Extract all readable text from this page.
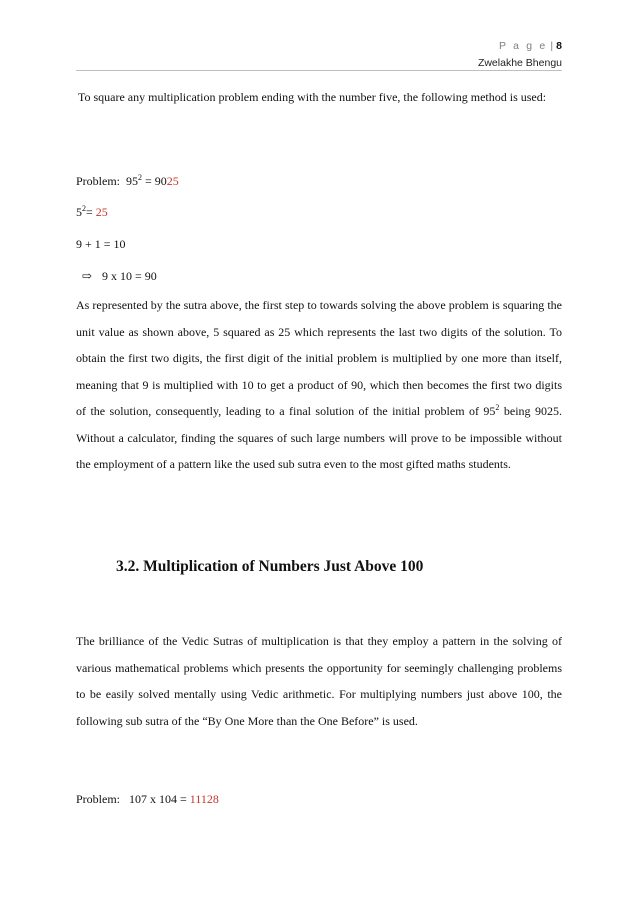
P a g e | 8
Zwelakhe Bhengu

To square any multiplication problem ending with the number five, the following method is used:

Problem: $95^2 = 9025$

$5^2= 25$

9 + 1 = 10

⇨ 9 x 10 = 90

As represented by the sutra above, the first step to towards solving the above problem is squaring the unit value as shown above, 5 squared as 25 which represents the last two digits of the solution. To obtain the first two digits, the first digit of the initial problem is multiplied by one more than itself, meaning that 9 is multiplied with 10 to get a product of 90, which then becomes the first two digits of the solution, consequently, leading to a final solution of the initial problem of $95^2$ being 9025. Without a calculator, finding the squares of such large numbers will prove to be impossible without the employment of a pattern like the used sub sutra even to the most gifted maths students.

3.2. Multiplication of Numbers Just Above 100

The brilliance of the Vedic Sutras of multiplication is that they employ a pattern in the solving of various mathematical problems which presents the opportunity for seemingly challenging problems to be easily solved mentally using Vedic arithmetic. For multiplying numbers just above 100, the following sub sutra of the “By One More than the One Before” is used.

Problem: 107 x 104 = 11128
